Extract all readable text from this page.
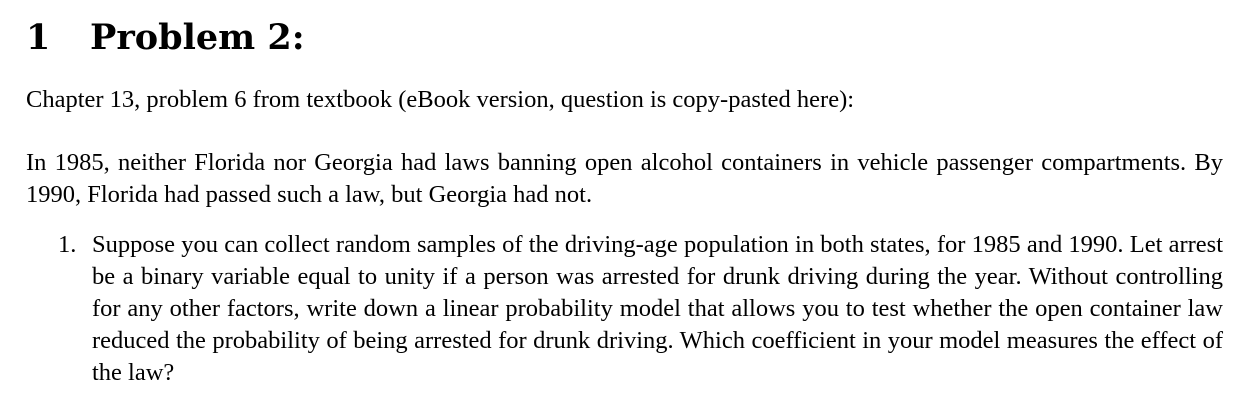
1 Problem 2:

Chapter 13, problem 6 from textbook (eBook version, question is copy-pasted here):

In 1985, neither Florida nor Georgia had laws banning open alcohol containers in vehicle passenger compartments. By 1990, Florida had passed such a law, but Georgia had not.

1. Suppose you can collect random samples of the driving-age population in both states, for 1985 and 1990. Let arrest be a binary variable equal to unity if a person was arrested for drunk driving during the year. Without controlling for any other factors, write down a linear probability model that allows you to test whether the open container law reduced the probability of being arrested for drunk driving. Which coefficient in your model measures the effect of the law?
